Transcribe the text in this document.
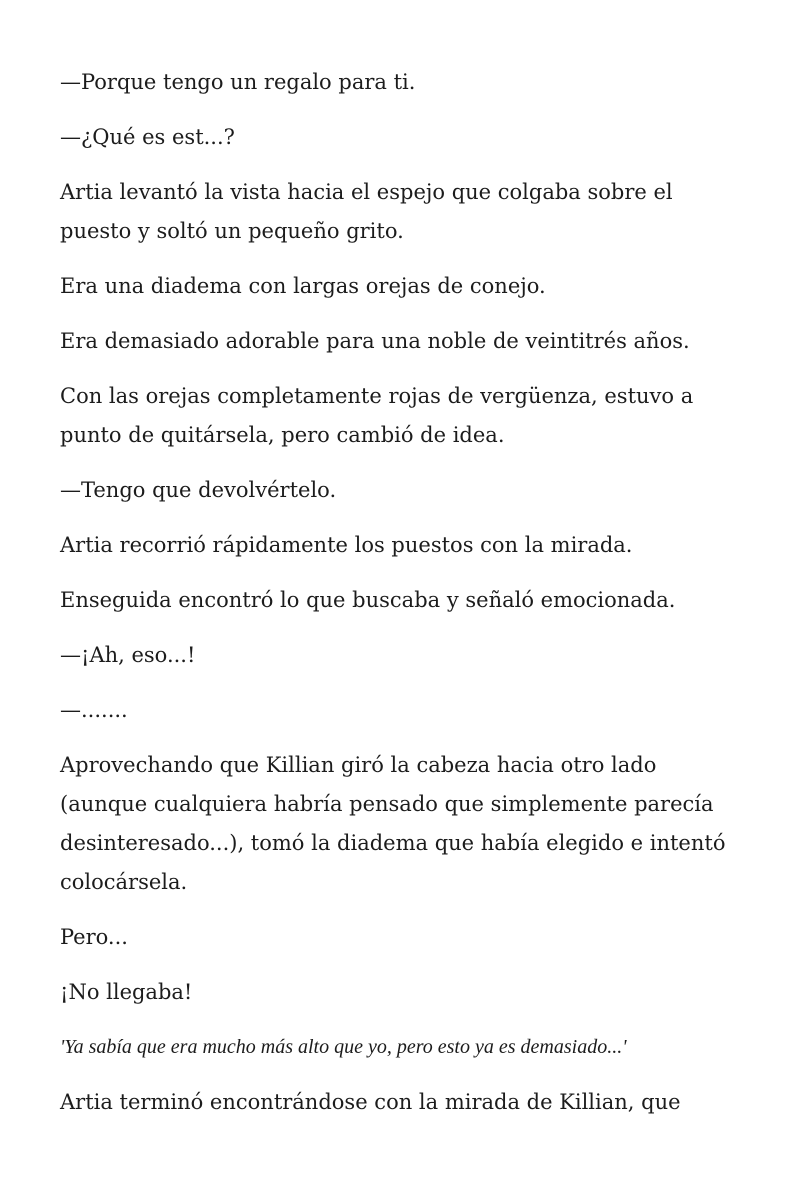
—Porque tengo un regalo para ti.

—¿Qué es est...?

Artia levantó la vista hacia el espejo que colgaba sobre el puesto y soltó un pequeño grito.

Era una diadema con largas orejas de conejo.

Era demasiado adorable para una noble de veintitrés años.

Con las orejas completamente rojas de vergüenza, estuvo a punto de quitársela, pero cambió de idea.

—Tengo que devolvértelo.

Artia recorrió rápidamente los puestos con la mirada.

Enseguida encontró lo que buscaba y señaló emocionada.

—¡Ah, eso...!

—.......

Aprovechando que Killian giró la cabeza hacia otro lado (aunque cualquiera habría pensado que simplemente parecía desinteresado...), tomó la diadema que había elegido e intentó colocársela.

Pero...

¡No llegaba!

'Ya sabía que era mucho más alto que yo, pero esto ya es demasiado...'

Artia terminó encontrándose con la mirada de Killian, que
